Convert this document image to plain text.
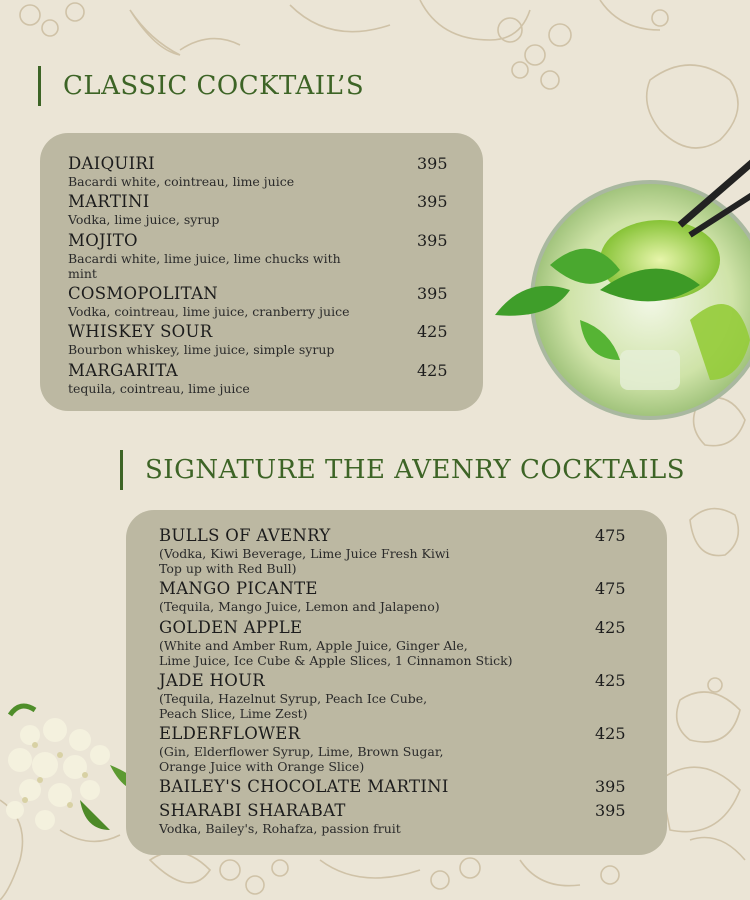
CLASSIC COCKTAIL’S
DAIQUIRI
Bacardi white, cointreau, lime juice
395
MARTINI
Vodka, lime juice, syrup
395
MOJITO
Bacardi white, lime juice, lime chucks with
mint
395
COSMOPOLITAN
Vodka, cointreau, lime juice, cranberry juice
395
WHISKEY SOUR
Bourbon whiskey, lime juice, simple syrup
425
MARGARITA
tequila, cointreau, lime juice
425
SIGNATURE THE AVENRY COCKTAILS
BULLS OF AVENRY
(Vodka, Kiwi Beverage, Lime Juice Fresh Kiwi
Top up with Red Bull)
475
MANGO PICANTE
(Tequila, Mango Juice, Lemon and Jalapeno)
475
GOLDEN APPLE
(White and Amber Rum, Apple Juice, Ginger Ale,
Lime Juice, Ice Cube & Apple Slices, 1 Cinnamon Stick)
425
JADE HOUR
(Tequila, Hazelnut Syrup, Peach Ice Cube,
Peach Slice, Lime Zest)
425
ELDERFLOWER
(Gin, Elderflower Syrup, Lime, Brown Sugar,
Orange Juice with Orange Slice)
425
BAILEY'S CHOCOLATE MARTINI	395
SHARABI SHARABAT
Vodka, Bailey's, Rohafza, passion fruit
395
